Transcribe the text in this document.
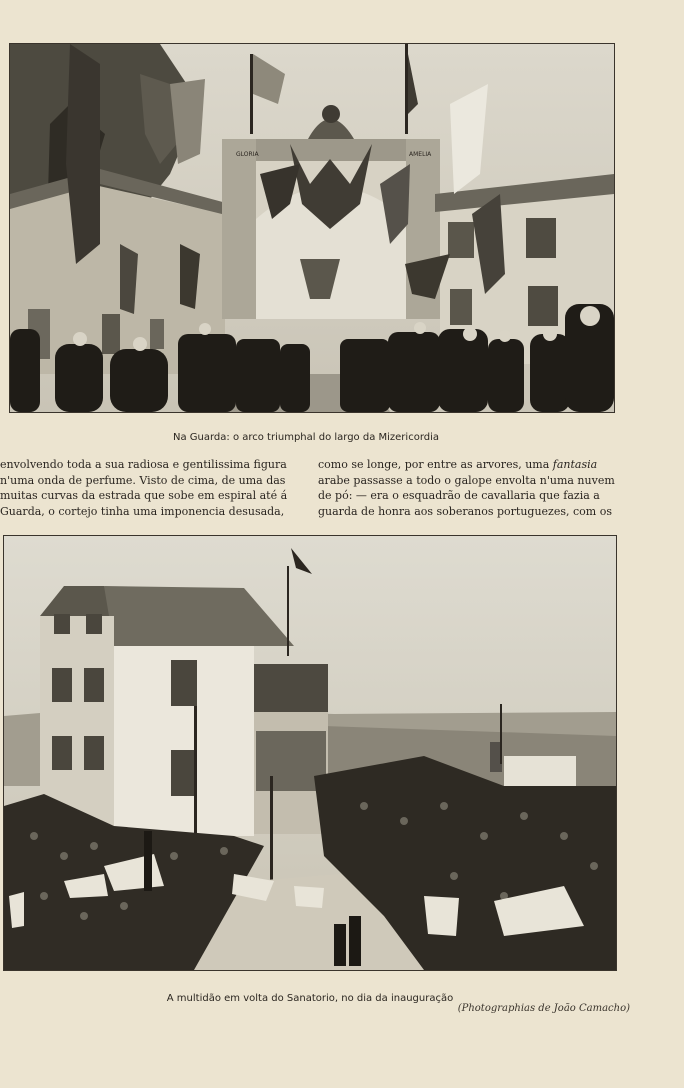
GLORIA	AMELIA
Na Guarda: o arco triumphal do largo da Mizericordia
envolvendo toda a sua radiosa e gentilissima figura
n'uma onda de perfume. Visto de cima, de uma das
muitas curvas da estrada que sobe em espiral até á
Guarda, o cortejo tinha uma imponencia desusada,
como se longe, por entre as arvores, uma fantasia
arabe passasse a todo o galope envolta n'uma nuvem
de pó: — era o esquadrão de cavallaria que fazia a
guarda de honra aos soberanos portuguezes, com os
A multidão em volta do Sanatorio, no dia da inauguração
(Photographias de João Camacho)
